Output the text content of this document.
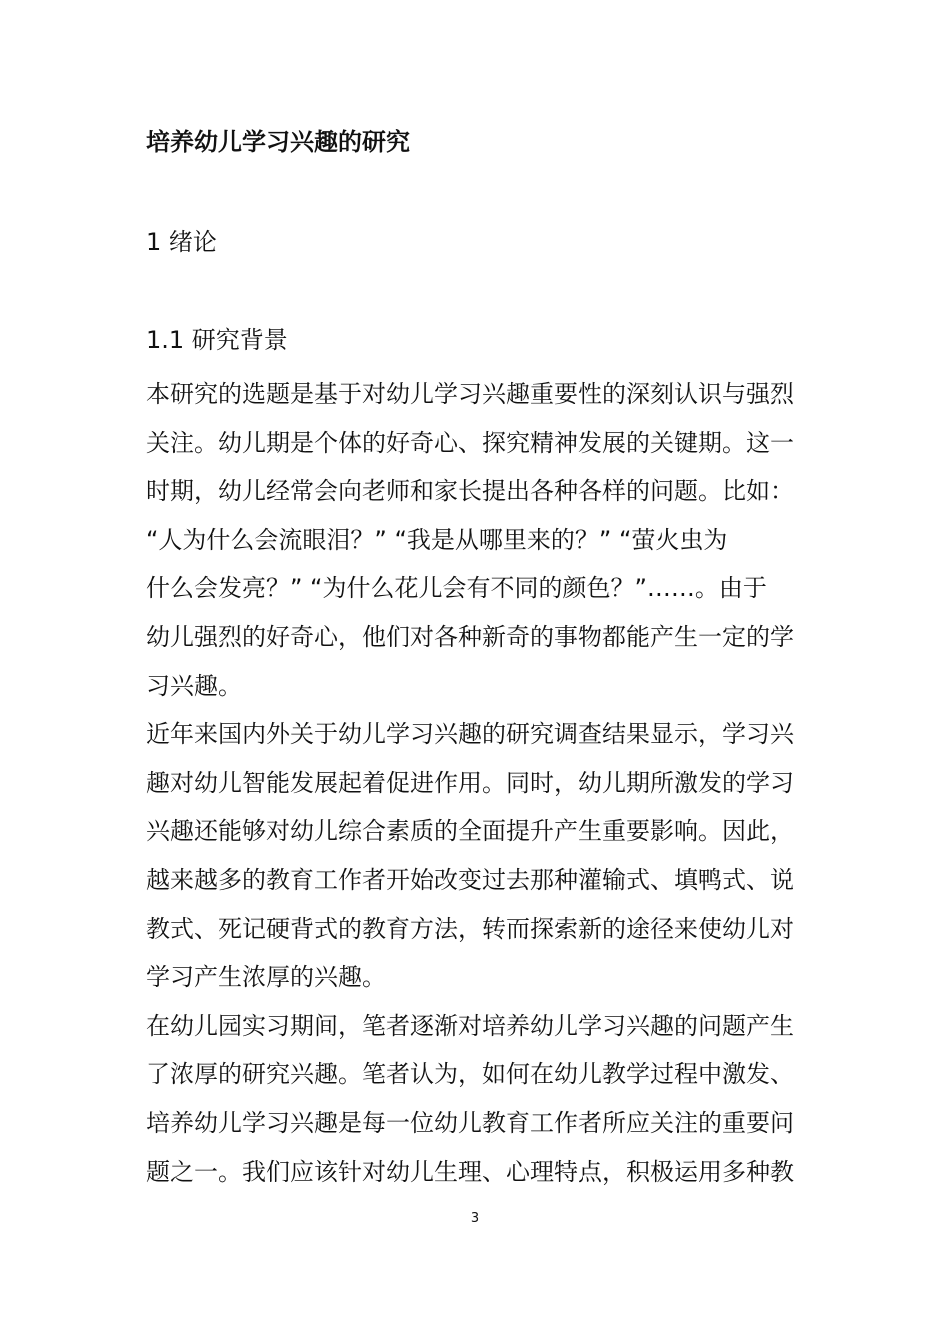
培养幼儿学习兴趣的研究
1 绪论
1.1 研究背景

本研究的选题是基于对幼儿学习兴趣重要性的深刻认识与强烈
关注。幼儿期是个体的好奇心、探究精神发展的关键期。这一
时期，幼儿经常会向老师和家长提出各种各样的问题。比如：
“人为什么会流眼泪？” “我是从哪里来的？” “萤火虫为
什么会发亮？” “为什么花儿会有不同的颜色？”……。由于
幼儿强烈的好奇心，他们对各种新奇的事物都能产生一定的学
习兴趣。

近年来国内外关于幼儿学习兴趣的研究调查结果显示，学习兴
趣对幼儿智能发展起着促进作用。同时，幼儿期所激发的学习
兴趣还能够对幼儿综合素质的全面提升产生重要影响。因此，
越来越多的教育工作者开始改变过去那种灌输式、填鸭式、说
教式、死记硬背式的教育方法，转而探索新的途径来使幼儿对
学习产生浓厚的兴趣。

在幼儿园实习期间，笔者逐渐对培养幼儿学习兴趣的问题产生
了浓厚的研究兴趣。笔者认为，如何在幼儿教学过程中激发、
培养幼儿学习兴趣是每一位幼儿教育工作者所应关注的重要问
题之一。我们应该针对幼儿生理、心理特点，积极运用多种教

3
